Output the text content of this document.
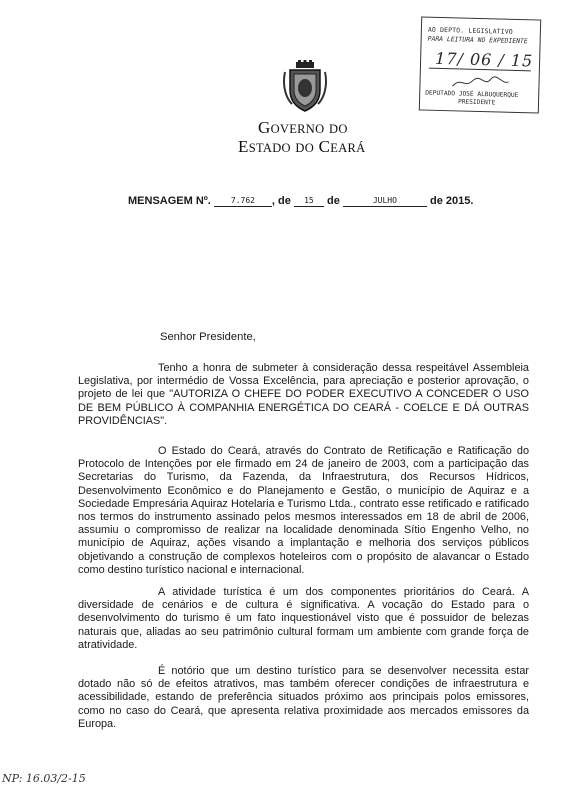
AO DEPTO. LEGISLATIVO
PARA LEITURA NO EXPEDIENTE
17/ 06 / 15
DEPUTADO JOSÉ ALBUQUERQUE
PRESIDENTE
GOVERNO DO
ESTADO DO CEARÁ
MENSAGEM Nº.	7.762 , de 15 de	JULHO	de 2015.
Senhor Presidente,

Tenho a honra de submeter à consideração dessa respeitável Assembleia Legislativa, por intermédio de Vossa Excelência, para apreciação e posterior aprovação, o projeto de lei que "AUTORIZA O CHEFE DO PODER EXECUTIVO A CONCEDER O USO DE BEM PÚBLICO À COMPANHIA ENERGÉTICA DO CEARÁ - COELCE E DÁ OUTRAS PROVIDÊNCIAS".

O Estado do Ceará, através do Contrato de Retificação e Ratificação do Protocolo de Intenções por ele firmado em 24 de janeiro de 2003, com a participação das Secretarias do Turismo, da Fazenda, da Infraestrutura, dos Recursos Hídricos, Desenvolvimento Econômico e do Planejamento e Gestão, o município de Aquiraz e a Sociedade Empresária Aquiraz Hotelaria e Turismo Ltda., contrato esse retificado e ratificado nos termos do instrumento assinado pelos mesmos interessados em 18 de abril de 2006, assumiu o compromisso de realizar na localidade denominada Sítio Engenho Velho, no município de Aquiraz, ações visando a implantação e melhoria dos serviços públicos objetivando a construção de complexos hoteleiros com o propósito de alavancar o Estado como destino turístico nacional e internacional.

A atividade turística é um dos componentes prioritários do Ceará. A diversidade de cenários e de cultura é significativa. A vocação do Estado para o desenvolvimento do turismo é um fato inquestionável visto que é possuidor de belezas naturais que, aliadas ao seu patrimônio cultural formam um ambiente com grande força de atratividade.

É notório que um destino turístico para se desenvolver necessita estar dotado não só de efeitos atrativos, mas também oferecer condições de infraestrutura e acessibilidade, estando de preferência situados próximo aos principais polos emissores, como no caso do Ceará, que apresenta relativa proximidade aos mercados emissores da Europa.

NP: 16.03/2-15
